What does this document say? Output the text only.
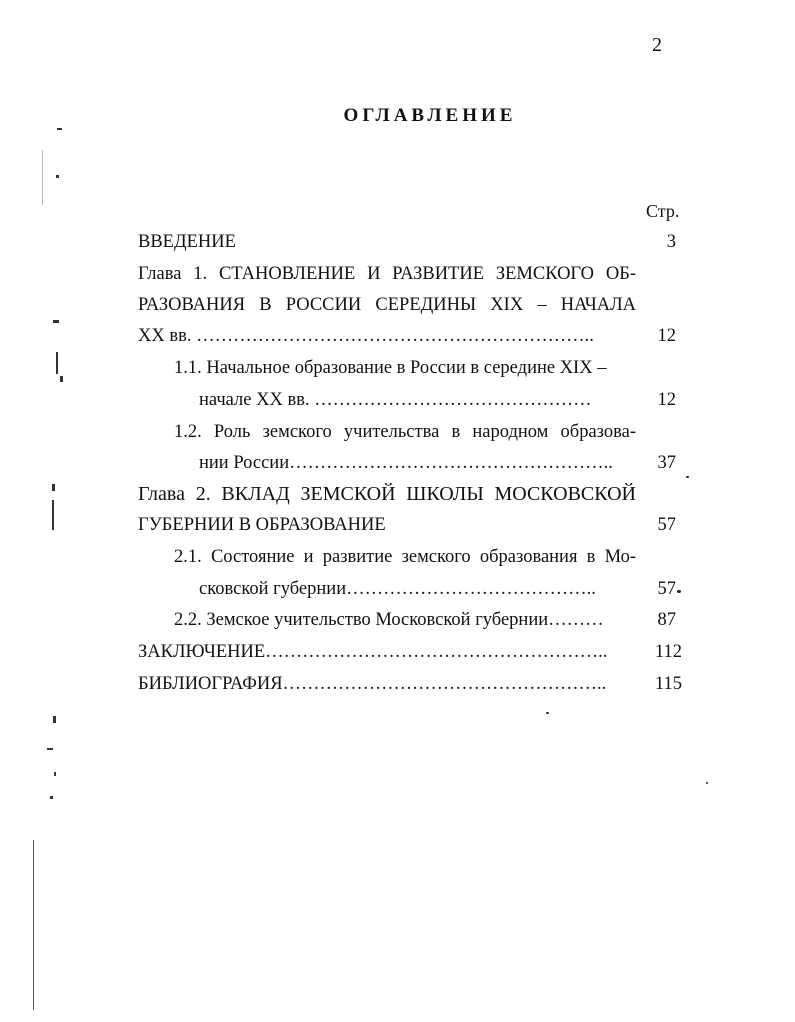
2
ОГЛАВЛЕНИЕ
Стр.
ВВЕДЕНИЕ	3
Глава 1. СТАНОВЛЕНИЕ И РАЗВИТИЕ ЗЕМСКОГО ОБ-
РАЗОВАНИЯ В РОССИИ СЕРЕДИНЫ XIX – НАЧАЛА
XX вв. ………………………………………………………..	12
1.1. Начальное образование в России в середине XIX –
начале XX вв. ………………………………………	12
1.2. Роль земского учительства в народном образова-
нии России……………………………………………..	37
Глава 2. ВКЛАД ЗЕМСКОЙ ШКОЛЫ МОСКОВСКОЙ
ГУБЕРНИИ В ОБРАЗОВАНИЕ	57
2.1. Состояние и развитие земского образования в Мо-
сковской губернии…………………………………..	57
2.2. Земское учительство Московской губернии………	87
ЗАКЛЮЧЕНИЕ………………………………………………..	112
БИБЛИОГРАФИЯ……………………………………………..	115
